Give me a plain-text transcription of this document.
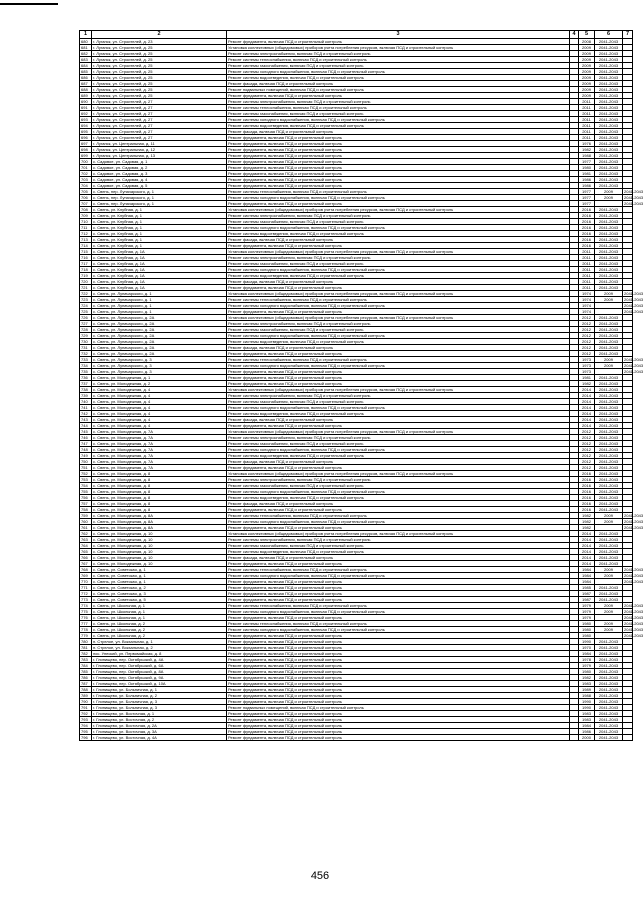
1	2	3	4	5	6	7
680	г. Луганск, ул. Строителей, д. 23	Ремонт фундамента, включая ПСД и строительный контроль		2008	2041-2043	
681	г. Луганск, ул. Строителей, д. 25	Установка коллективных (общедомовых) приборов учета потребления ресурсов, включая ПСД и строительный контроль		2009	2041-2043	
682	г. Луганск, ул. Строителей, д. 25	Ремонт системы электроснабжения, включая ПСД и строительный контроль		2009	2041-2043	
683	г. Луганск, ул. Строителей, д. 25	Ремонт системы теплоснабжения, включая ПСД и строительный контроль		2009	2041-2043	
684	г. Луганск, ул. Строителей, д. 25	Ремонт системы газоснабжения, включая ПСД и строительный контроль		2009	2041-2043	
685	г. Луганск, ул. Строителей, д. 25	Ремонт системы холодного водоснабжения, включая ПСД и строительный контроль		2009	2041-2043	
686	г. Луганск, ул. Строителей, д. 25	Ремонт системы водоотведения, включая ПСД и строительный контроль		2009	2041-2043	
687	г. Луганск, ул. Строителей, д. 25	Ремонт фасада, включая ПСД и строительный контроль		2009	2041-2043	
688	г. Луганск, ул. Строителей, д. 25	Ремонт подвальных помещений, включая ПСД и строительный контроль		2009	2041-2043	
689	г. Луганск, ул. Строителей, д. 25	Ремонт фундамента, включая ПСД и строительный контроль		2009	2041-2043	
690	г. Луганск, ул. Строителей, д. 27	Ремонт системы электроснабжения, включая ПСД и строительный контроль		2011	2041-2043	
691	г. Луганск, ул. Строителей, д. 27	Ремонт системы теплоснабжения, включая ПСД и строительный контроль		2011	2041-2043	
692	г. Луганск, ул. Строителей, д. 27	Ремонт системы газоснабжения, включая ПСД и строительный контроль		2011	2041-2043	
693	г. Луганск, ул. Строителей, д. 27	Ремонт системы холодного водоснабжения, включая ПСД и строительный контроль		2011	2041-2043	
694	г. Луганск, ул. Строителей, д. 27	Ремонт системы водоотведения, включая ПСД и строительный контроль		2011	2041-2043	
695	г. Луганск, ул. Строителей, д. 27	Ремонт фасада, включая ПСД и строительный контроль		2011	2041-2043	
696	г. Луганск, ул. Строителей, д. 27	Ремонт фундамента, включая ПСД и строительный контроль		2011	2041-2043	
697	г. Луганск, ул. Центральная, д. 11	Ремонт фундамента, включая ПСД и строительный контроль		1976	2041-2043	
698	г. Луганск, ул. Центральная, д. 12	Ремонт фундамента, включая ПСД и строительный контроль		1982	2041-2043	
699	г. Луганск, ул. Центральная, д. 13	Ремонт фундамента, включая ПСД и строительный контроль		1988	2041-2043	
700	с. Садовое, ул. Садовая, д. 1	Ремонт фундамента, включая ПСД и строительный контроль		1977	2041-2043	
701	с. Садовое, ул. Садовая, д. 2	Ремонт фундамента, включая ПСД и строительный контроль		1980	2041-2043	
702	с. Садовое, ул. Садовая, д. 3	Ремонт фундамента, включая ПСД и строительный контроль		1981	2041-2043	
703	с. Садовое, ул. Садовая, д. 4	Ремонт фундамента, включая ПСД и строительный контроль		1986	2041-2043	
704	с. Садовое, ул. Садовая, д. 5	Ремонт фундамента, включая ПСД и строительный контроль		1986	2041-2043	
705	с. Свень, пер. Луначарского, д. 1	Ремонт системы теплоснабжения, включая ПСД и строительный контроль		1977	2009	2041-2043
706	с. Свень, пер. Луначарского, д. 1	Ремонт системы холодного водоснабжения, включая ПСД и строительный контроль		1977	2009	2041-2043
707	с. Свень, пер. Луначарского, д. 1	Ремонт фундамента, включая ПСД и строительный контроль		1977		2041-2043
708	с. Свень, ул. Клубная, д. 1	Установка коллективных (общедомовых) приборов учета потребления ресурсов, включая ПСД и строительный контроль		2016	2041-2043	
709	с. Свень, ул. Клубная, д. 1	Ремонт системы электроснабжения, включая ПСД и строительный контроль		2016	2041-2043	
710	с. Свень, ул. Клубная, д. 1	Ремонт системы газоснабжения, включая ПСД и строительный контроль		2016	2041-2043	
711	с. Свень, ул. Клубная, д. 1	Ремонт системы холодного водоснабжения, включая ПСД и строительный контроль		2016	2041-2043	
712	с. Свень, ул. Клубная, д. 1	Ремонт системы водоотведения, включая ПСД и строительный контроль		2016	2041-2043	
713	с. Свень, ул. Клубная, д. 1	Ремонт фасада, включая ПСД и строительный контроль		2016	2041-2043	
714	с. Свень, ул. Клубная, д. 1	Ремонт фундамента, включая ПСД и строительный контроль		2016	2041-2043	
715	с. Свень, ул. Клубная, д. 1А	Установка коллективных (общедомовых) приборов учета потребления ресурсов, включая ПСД и строительный контроль		2011	2041-2043	
716	с. Свень, ул. Клубная, д. 1А	Ремонт системы электроснабжения, включая ПСД и строительный контроль		2011	2041-2043	
717	с. Свень, ул. Клубная, д. 1А	Ремонт системы газоснабжения, включая ПСД и строительный контроль		2011	2041-2043	
718	с. Свень, ул. Клубная, д. 1А	Ремонт системы холодного водоснабжения, включая ПСД и строительный контроль		2011	2041-2043	
719	с. Свень, ул. Клубная, д. 1А	Ремонт системы водоотведения, включая ПСД и строительный контроль		2011	2041-2043	
720	с. Свень, ул. Клубная, д. 1А	Ремонт фасада, включая ПСД и строительный контроль		2011	2041-2043	
721	с. Свень, ул. Клубная, д. 1А	Ремонт фундамента, включая ПСД и строительный контроль		2011	2041-2043	
722	с. Свень, ул. Луначарского, д. 1	Установка коллективных (общедомовых) приборов учета потребления ресурсов, включая ПСД и строительный контроль		1974	2009	2041-2043
723	с. Свень, ул. Луначарского, д. 1	Ремонт системы теплоснабжения, включая ПСД и строительный контроль		1974	2009	2041-2043
724	с. Свень, ул. Луначарского, д. 1	Ремонт системы холодного водоснабжения, включая ПСД и строительный контроль		1974		2041-2043
725	с. Свень, ул. Луначарского, д. 1	Ремонт фундамента, включая ПСД и строительный контроль		1974		2041-2043
726	с. Свень, ул. Луначарского, д. 2А	Установка коллективных (общедомовых) приборов учета потребления ресурсов, включая ПСД и строительный контроль		2012	2041-2043	
727	с. Свень, ул. Луначарского, д. 2А	Ремонт системы электроснабжения, включая ПСД и строительный контроль		2012	2041-2043	
728	с. Свень, ул. Луначарского, д. 2А	Ремонт системы газоснабжения, включая ПСД и строительный контроль		2012	2041-2043	
729	с. Свень, ул. Луначарского, д. 2А	Ремонт системы холодного водоснабжения, включая ПСД и строительный контроль		2012	2041-2043	
730	с. Свень, ул. Луначарского, д. 2А	Ремонт системы водоотведения, включая ПСД и строительный контроль		2012	2041-2043	
731	с. Свень, ул. Луначарского, д. 2А	Ремонт фасада, включая ПСД и строительный контроль		2012	2041-2043	
732	с. Свень, ул. Луначарского, д. 2А	Ремонт фундамента, включая ПСД и строительный контроль		2012	2041-2043	
733	с. Свень, ул. Луначарского, д. 3	Ремонт системы теплоснабжения, включая ПСД и строительный контроль		1973	2009	2041-2043
734	с. Свень, ул. Луначарского, д. 3	Ремонт системы холодного водоснабжения, включая ПСД и строительный контроль		1973	2009	2041-2043
735	с. Свень, ул. Луначарского, д. 3	Ремонт фундамента, включая ПСД и строительный контроль		1973		2041-2043
736	с. Свень, ул. Молодежная, д. 1	Ремонт фундамента, включая ПСД и строительный контроль		1981	2041-2043	
737	с. Свень, ул. Молодежная, д. 2	Ремонт фундамента, включая ПСД и строительный контроль		1982	2041-2043	
738	с. Свень, ул. Молодежная, д. 4	Установка коллективных (общедомовых) приборов учета потребления ресурсов, включая ПСД и строительный контроль		2014	2041-2043	
739	с. Свень, ул. Молодежная, д. 4	Ремонт системы электроснабжения, включая ПСД и строительный контроль		2014	2041-2043	
740	с. Свень, ул. Молодежная, д. 4	Ремонт системы газоснабжения, включая ПСД и строительный контроль		2014	2041-2043	
741	с. Свень, ул. Молодежная, д. 4	Ремонт системы холодного водоснабжения, включая ПСД и строительный контроль		2014	2041-2043	
742	с. Свень, ул. Молодежная, д. 4	Ремонт системы водоотведения, включая ПСД и строительный контроль		2014	2041-2043	
743	с. Свень, ул. Молодежная, д. 4	Ремонт фасада, включая ПСД и строительный контроль		2014	2041-2043	
744	с. Свень, ул. Молодежная, д. 4	Ремонт фундамента, включая ПСД и строительный контроль		2014	2041-2043	
745	с. Свень, ул. Молодежная, д. 7А	Установка коллективных (общедомовых) приборов учета потребления ресурсов, включая ПСД и строительный контроль		2012	2041-2043	
746	с. Свень, ул. Молодежная, д. 7А	Ремонт системы электроснабжения, включая ПСД и строительный контроль		2012	2041-2043	
747	с. Свень, ул. Молодежная, д. 7А	Ремонт системы газоснабжения, включая ПСД и строительный контроль		2012	2041-2043	
748	с. Свень, ул. Молодежная, д. 7А	Ремонт системы холодного водоснабжения, включая ПСД и строительный контроль		2012	2041-2043	
749	с. Свень, ул. Молодежная, д. 7А	Ремонт системы водоотведения, включая ПСД и строительный контроль		2012	2041-2043	
750	с. Свень, ул. Молодежная, д. 7А	Ремонт фасада, включая ПСД и строительный контроль		2012	2041-2043	
751	с. Свень, ул. Молодежная, д. 7А	Ремонт фундамента, включая ПСД и строительный контроль		2012	2041-2043	
752	с. Свень, ул. Молодежная, д. 8	Установка коллективных (общедомовых) приборов учета потребления ресурсов, включая ПСД и строительный контроль		2016	2041-2043	
753	с. Свень, ул. Молодежная, д. 8	Ремонт системы электроснабжения, включая ПСД и строительный контроль		2016	2041-2043	
754	с. Свень, ул. Молодежная, д. 8	Ремонт системы газоснабжения, включая ПСД и строительный контроль		2016	2041-2043	
755	с. Свень, ул. Молодежная, д. 8	Ремонт системы холодного водоснабжения, включая ПСД и строительный контроль		2016	2041-2043	
756	с. Свень, ул. Молодежная, д. 8	Ремонт системы водоотведения, включая ПСД и строительный контроль		2016	2041-2043	
757	с. Свень, ул. Молодежная, д. 8	Ремонт фасада, включая ПСД и строительный контроль		2016	2041-2043	
758	с. Свень, ул. Молодежная, д. 8	Ремонт фундамента, включая ПСД и строительный контроль		2016	2041-2043	
759	с. Свень, ул. Молодежная, д. 8А	Ремонт системы теплоснабжения, включая ПСД и строительный контроль		1982	2009	2041-2043
760	с. Свень, ул. Молодежная, д. 8А	Ремонт системы холодного водоснабжения, включая ПСД и строительный контроль		1982	2009	2041-2043
761	с. Свень, ул. Молодежная, д. 8А	Ремонт фундамента, включая ПСД и строительный контроль		1982		2041-2043
762	с. Свень, ул. Молодежная, д. 10	Установка коллективных (общедомовых) приборов учета потребления ресурсов, включая ПСД и строительный контроль		2014	2041-2043	
763	с. Свень, ул. Молодежная, д. 10	Ремонт системы электроснабжения, включая ПСД и строительный контроль		2014	2041-2043	
764	с. Свень, ул. Молодежная, д. 10	Ремонт системы газоснабжения, включая ПСД и строительный контроль		2014	2041-2043	
765	с. Свень, ул. Молодежная, д. 10	Ремонт системы водоотведения, включая ПСД и строительный контроль		2014	2041-2043	
766	с. Свень, ул. Молодежная, д. 10	Ремонт фасада, включая ПСД и строительный контроль		2014	2041-2043	
767	с. Свень, ул. Молодежная, д. 10	Ремонт фундамента, включая ПСД и строительный контроль		2014	2041-2043	
768	с. Свень, ул. Советская, д. 1	Ремонт системы теплоснабжения, включая ПСД и строительный контроль		1984	2009	2041-2043
769	с. Свень, ул. Советская, д. 1	Ремонт системы холодного водоснабжения, включая ПСД и строительный контроль		1984	2009	2041-2043
770	с. Свень, ул. Советская, д. 1	Ремонт фундамента, включая ПСД и строительный контроль		1984		2041-2043
771	с. Свень, ул. Советская, д. 2	Ремонт фундамента, включая ПСД и строительный контроль		1985	2041-2043	
772	с. Свень, ул. Советская, д. 3	Ремонт фундамента, включая ПСД и строительный контроль		1987	2041-2043	
773	с. Свень, ул. Советская, д. 5	Ремонт фундамента, включая ПСД и строительный контроль		1987	2041-2043	
774	с. Свень, ул. Школьная, д. 1	Ремонт системы теплоснабжения, включая ПСД и строительный контроль		1979	2009	2041-2043
775	с. Свень, ул. Школьная, д. 1	Ремонт системы холодного водоснабжения, включая ПСД и строительный контроль		1979	2009	2041-2043
776	с. Свень, ул. Школьная, д. 1	Ремонт фундамента, включая ПСД и строительный контроль		1979		2041-2043
777	с. Свень, ул. Школьная, д. 2	Ремонт системы теплоснабжения, включая ПСД и строительный контроль		1980	2009	2041-2043
778	с. Свень, ул. Школьная, д. 2	Ремонт системы холодного водоснабжения, включая ПСД и строительный контроль		1980	2009	2041-2043
779	с. Свень, ул. Школьная, д. 2	Ремонт фундамента, включая ПСД и строительный контроль		1980		2041-2043
780	п. Стрелое, ул. Вокзальная, д. 1	Ремонт фундамента, включая ПСД и строительный контроль		1990	2041-2043	
781	п. Стрелое, ул. Вокзальная, д. 2	Ремонт фундамента, включая ПСД и строительный контроль		1970	2041-2043	
782	пос. Унеский, ул. Первомайская, д. 8	Ремонт фундамента, включая ПСД и строительный контроль		1984	2041-2043	
783	г. Глинищево, пер. Октябрьский, д. 4А	Ремонт фундамента, включая ПСД и строительный контроль		1978	2041-2043	
784	г. Глинищево, пер. Октябрьский, д. 6А	Ремонт фундамента, включая ПСД и строительный контроль		1979	2041-2043	
785	г. Глинищево, пер. Октябрьский, д. 8А	Ремонт фундамента, включая ПСД и строительный контроль		1980	2041-2043	
786	г. Глинищево, пер. Октябрьский, д. 9А	Ремонт фундамента, включая ПСД и строительный контроль		1982	2041-2043	
787	г. Глинищево, пер. Октябрьский, д. 10А	Ремонт фундамента, включая ПСД и строительный контроль		1983	2041-2043	
788	г. Глинищево, ул. Больничная, д. 1	Ремонт фундамента, включая ПСД и строительный контроль		1989	2041-2043	
789	г. Глинищево, ул. Больничная, д. 2	Ремонт фундамента, включая ПСД и строительный контроль		1988	2041-2043	
790	г. Глинищево, ул. Больничная, д. 3	Ремонт фундамента, включая ПСД и строительный контроль		1990	2041-2043	
791	г. Глинищево, ул. Больничная, д. 3	Ремонт подвальных помещений, включая ПСД и строительный контроль		1990	2041-2043	
792	г. Глинищево, ул. Восточная, д. 1	Ремонт фундамента, включая ПСД и строительный контроль		1983	2041-2043	
793	г. Глинищево, ул. Восточная, д. 2	Ремонт фундамента, включая ПСД и строительный контроль		1983	2041-2043	
794	г. Глинищево, ул. Восточная, д. 2А	Ремонт фундамента, включая ПСД и строительный контроль		1984	2041-2043	
795	г. Глинищево, ул. Восточная, д. 3А	Ремонт фундамента, включая ПСД и строительный контроль		1986	2041-2043	
796	г. Глинищево, ул. Восточная, д. 4А	Ремонт фундамента, включая ПСД и строительный контроль		2000	2041-2043	
456
